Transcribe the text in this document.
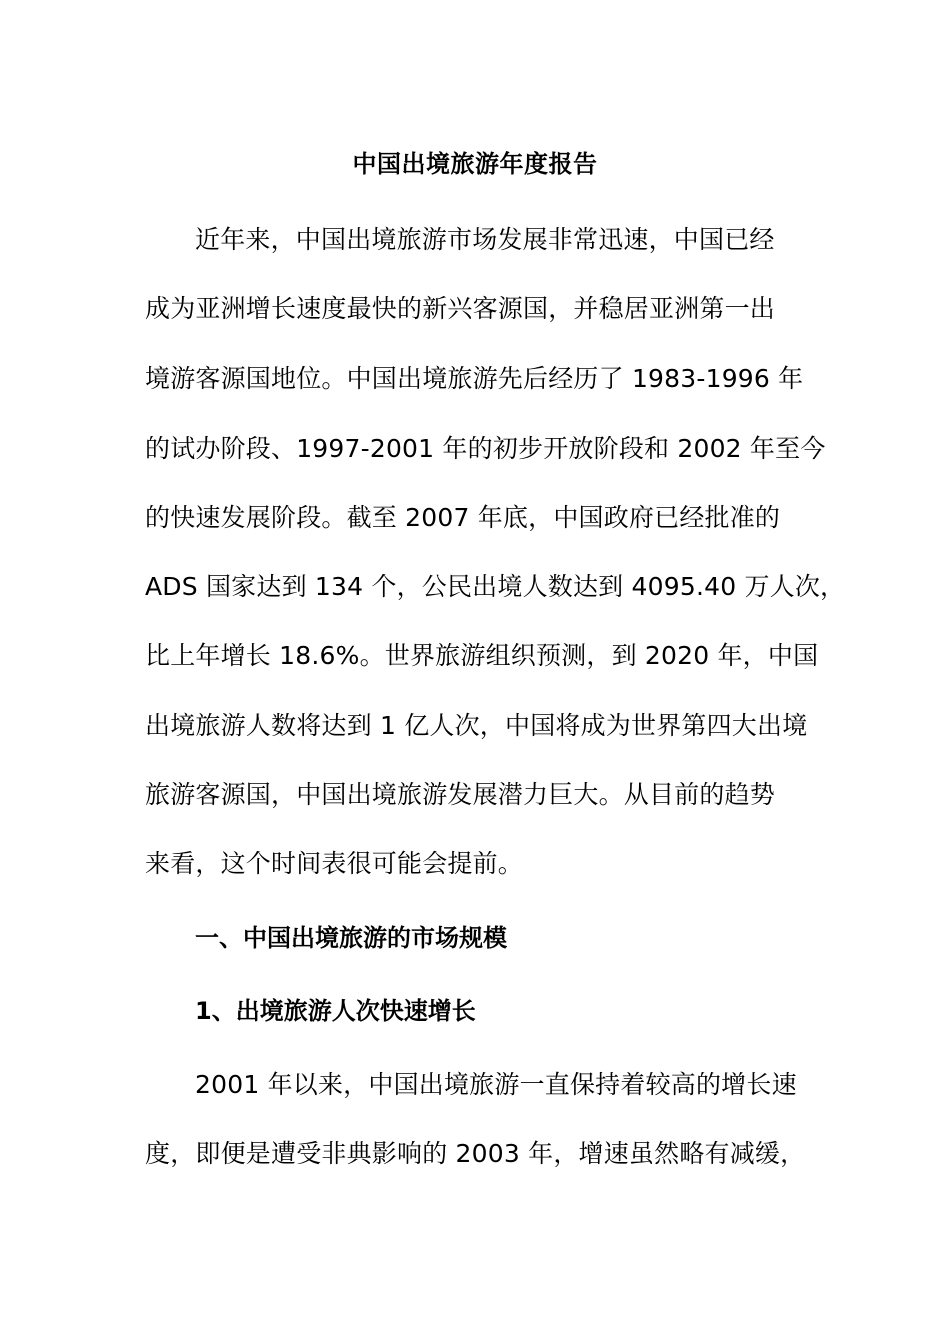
中国出境旅游年度报告
近年来，中国出境旅游市场发展非常迅速，中国已经
成为亚洲增长速度最快的新兴客源国，并稳居亚洲第一出
境游客源国地位。中国出境旅游先后经历了 1983-1996 年
的试办阶段、1997-2001 年的初步开放阶段和 2002 年至今
的快速发展阶段。截至 2007 年底，中国政府已经批准的
ADS 国家达到 134 个，公民出境人数达到 4095.40 万人次，
比上年增长 18.6%。世界旅游组织预测，到 2020 年，中国
出境旅游人数将达到 1 亿人次，中国将成为世界第四大出境
旅游客源国，中国出境旅游发展潜力巨大。从目前的趋势
来看，这个时间表很可能会提前。
一、中国出境旅游的市场规模
1、出境旅游人次快速增长
2001 年以来，中国出境旅游一直保持着较高的增长速
度，即便是遭受非典影响的 2003 年，增速虽然略有减缓，
